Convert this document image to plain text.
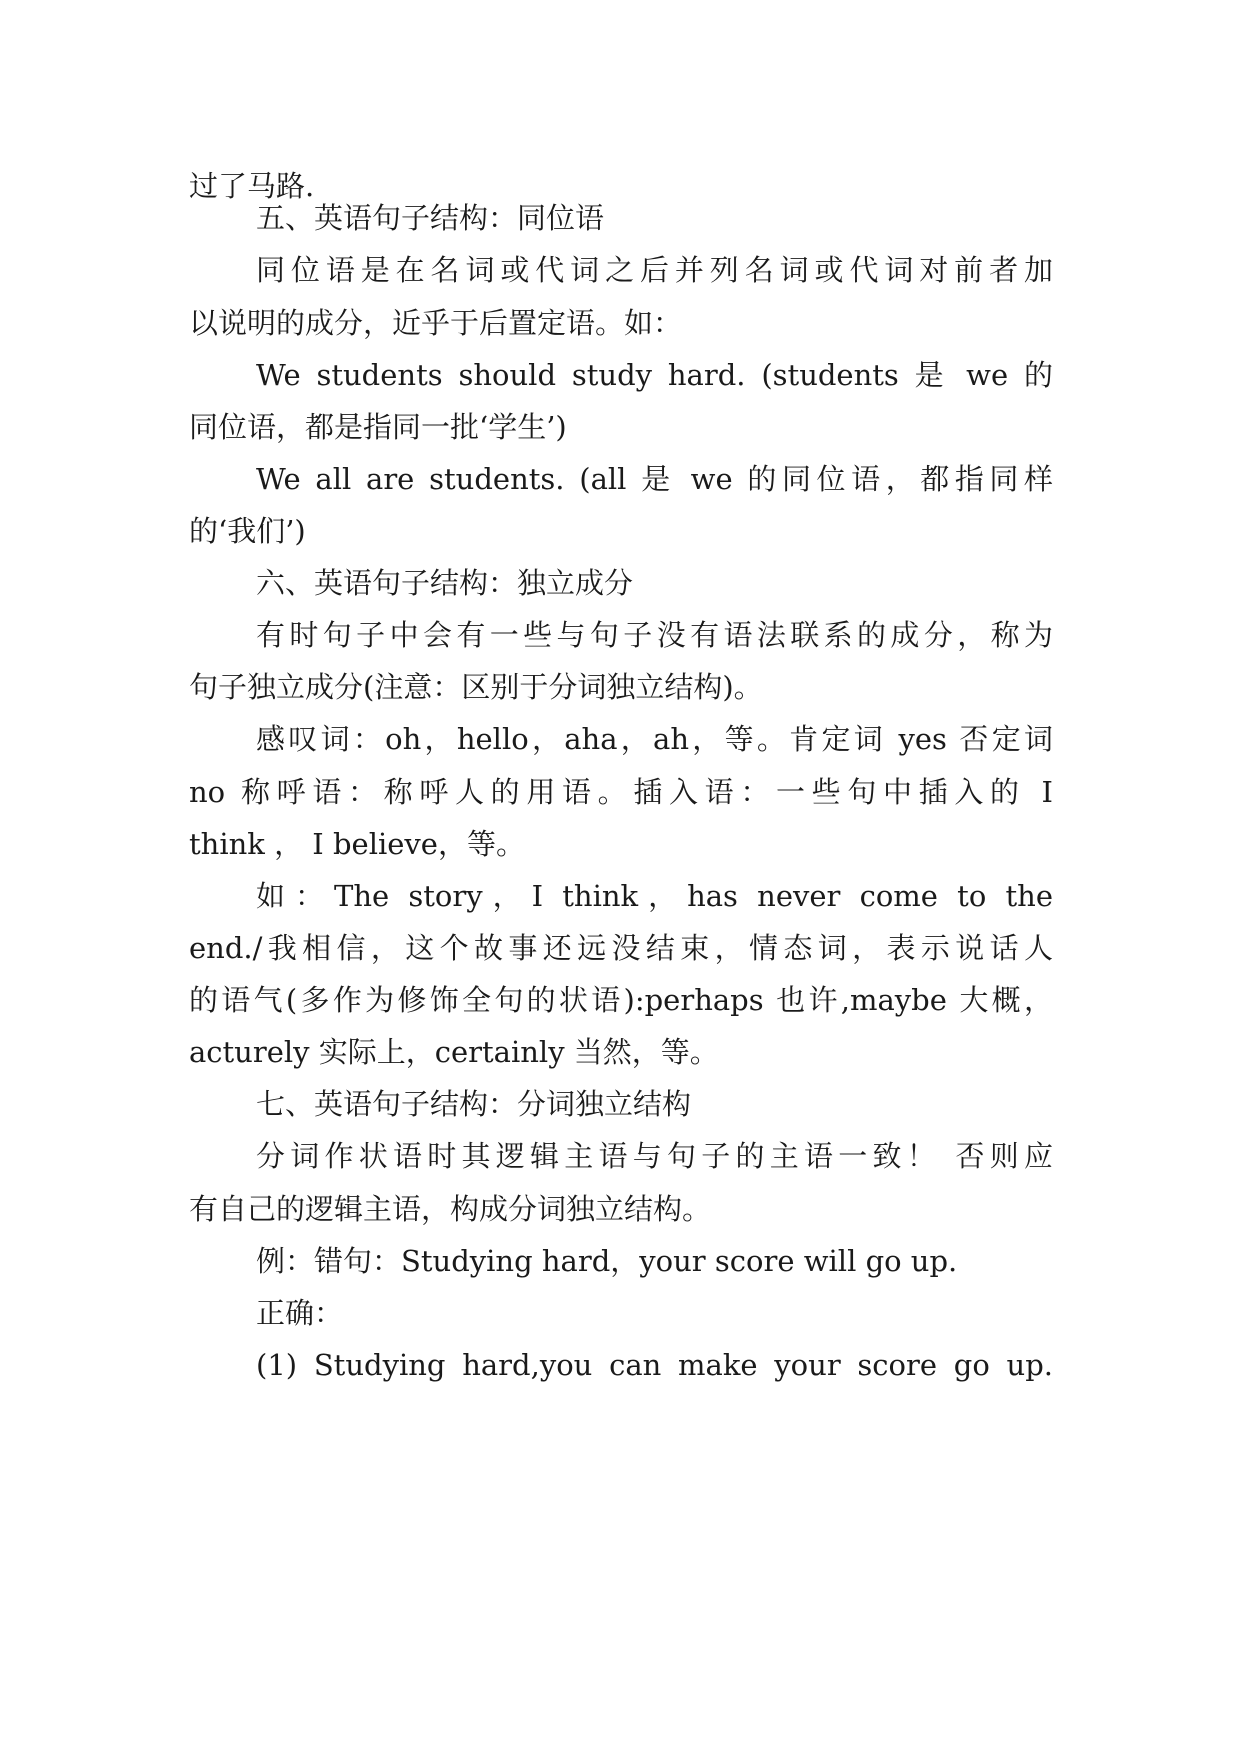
过了马路.
五、英语句子结构：同位语
同位语是在名词或代词之后并列名词或代词对前者加
以说明的成分，近乎于后置定语。如：
We students should study hard. (students 是 we 的
同位语，都是指同一批‘学生’)
We all are students. (all 是 we 的同位语，都指同样
的‘我们’)
六、英语句子结构：独立成分
有时句子中会有一些与句子没有语法联系的成分，称为
句子独立成分(注意：区别于分词独立结构)。
感叹词：oh，hello，aha，ah，等。肯定词 yes 否定词
no 称呼语：称呼人的用语。插入语：一些句中插入的 I
think ， I believe，等。
如：The story，I think，has never come to the
end./我相信，这个故事还远没结束，情态词，表示说话人
的语气(多作为修饰全句的状语):perhaps 也许,maybe 大概，
acturely 实际上，certainly 当然，等。
七、英语句子结构：分词独立结构
分词作状语时其逻辑主语与句子的主语一致！ 否则应
有自己的逻辑主语，构成分词独立结构。
例：错句：Studying hard，your score will go up.
正确：
(1) Studying hard,you can make your score go up.
